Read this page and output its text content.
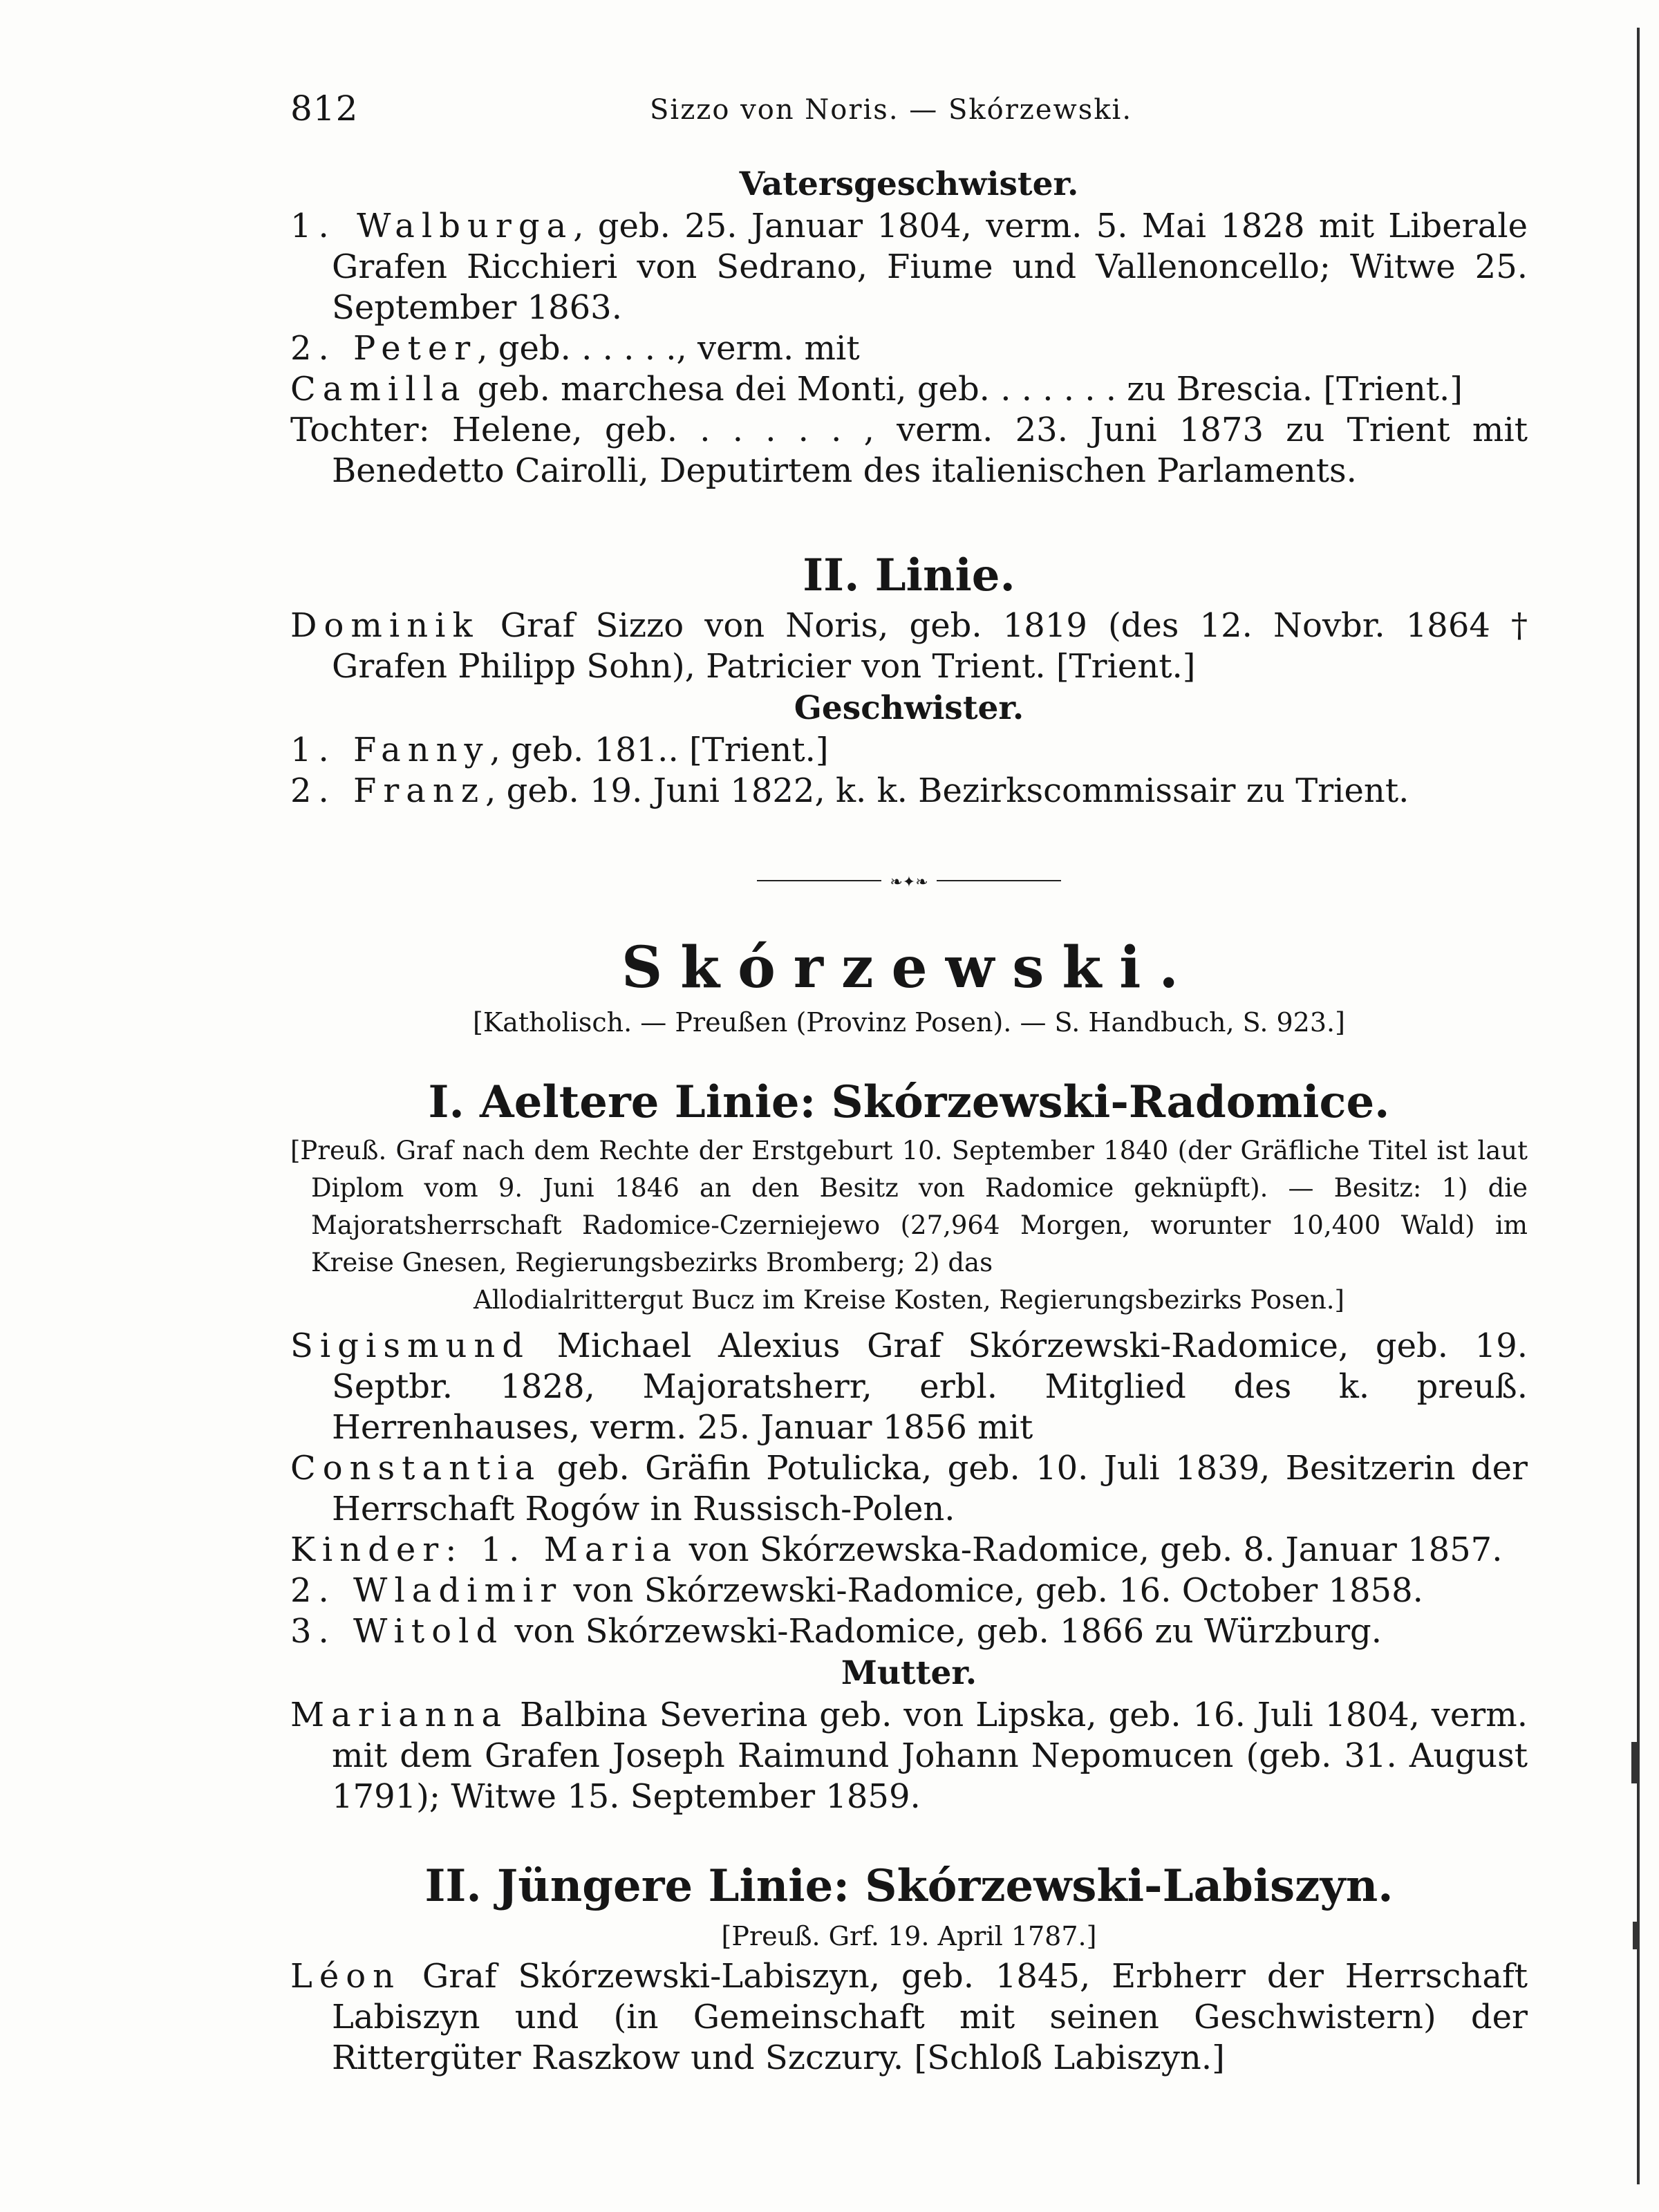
812	Sizzo von Noris. — Skórzewski.
Vatersgeschwister.

1. Walburga, geb. 25. Januar 1804, verm. 5. Mai 1828 mit Liberale Grafen Ricchieri von Sedrano, Fiume und Vallenoncello; Witwe 25. September 1863.

2. Peter, geb. . . . . ., verm. mit

Camilla geb. marchesa dei Monti, geb. . . . . . . zu Brescia. [Trient.]

Tochter: Helene, geb. . . . . . , verm. 23. Juni 1873 zu Trient mit Benedetto Cairolli, Deputirtem des italienischen Parlaments.

II. Linie.

Dominik Graf Sizzo von Noris, geb. 1819 (des 12. Novbr. 1864 † Grafen Philipp Sohn), Patricier von Trient. [Trient.]

Geschwister.

1. Fanny, geb. 181.. [Trient.]

2. Franz, geb. 19. Juni 1822, k. k. Bezirkscommissair zu Trient.

❧✦❧
Skórzewski.

[Katholisch. — Preußen (Provinz Posen). — S. Handbuch, S. 923.]

I. Aeltere Linie: Skórzewski-Radomice.

[Preuß. Graf nach dem Rechte der Erstgeburt 10. September 1840 (der Gräfliche Titel ist laut Diplom vom 9. Juni 1846 an den Besitz von Radomice geknüpft). — Besitz: 1) die Majoratsherrschaft Radomice-Czerniejewo (27,964 Morgen, worunter 10,400 Wald) im Kreise Gnesen, Regierungsbezirks Bromberg; 2) das
Allodialrittergut Bucz im Kreise Kosten, Regierungsbezirks Posen.]

Sigismund Michael Alexius Graf Skórzewski-Radomice, geb. 19. Septbr. 1828, Majoratsherr, erbl. Mitglied des k. preuß. Herrenhauses, verm. 25. Januar 1856 mit

Constantia geb. Gräfin Potulicka, geb. 10. Juli 1839, Besitzerin der Herrschaft Rogów in Russisch-Polen.

Kinder: 1. Maria von Skórzewska-Radomice, geb. 8. Januar 1857.

2. Wladimir von Skórzewski-Radomice, geb. 16. October 1858.

3. Witold von Skórzewski-Radomice, geb. 1866 zu Würzburg.

Mutter.

Marianna Balbina Severina geb. von Lipska, geb. 16. Juli 1804, verm. mit dem Grafen Joseph Raimund Johann Nepomucen (geb. 31. August 1791); Witwe 15. September 1859.

II. Jüngere Linie: Skórzewski-Labiszyn.

[Preuß. Grf. 19. April 1787.]

Léon Graf Skórzewski-Labiszyn, geb. 1845, Erbherr der Herrschaft Labiszyn und (in Gemeinschaft mit seinen Geschwistern) der Rittergüter Raszkow und Szczury. [Schloß Labiszyn.]
